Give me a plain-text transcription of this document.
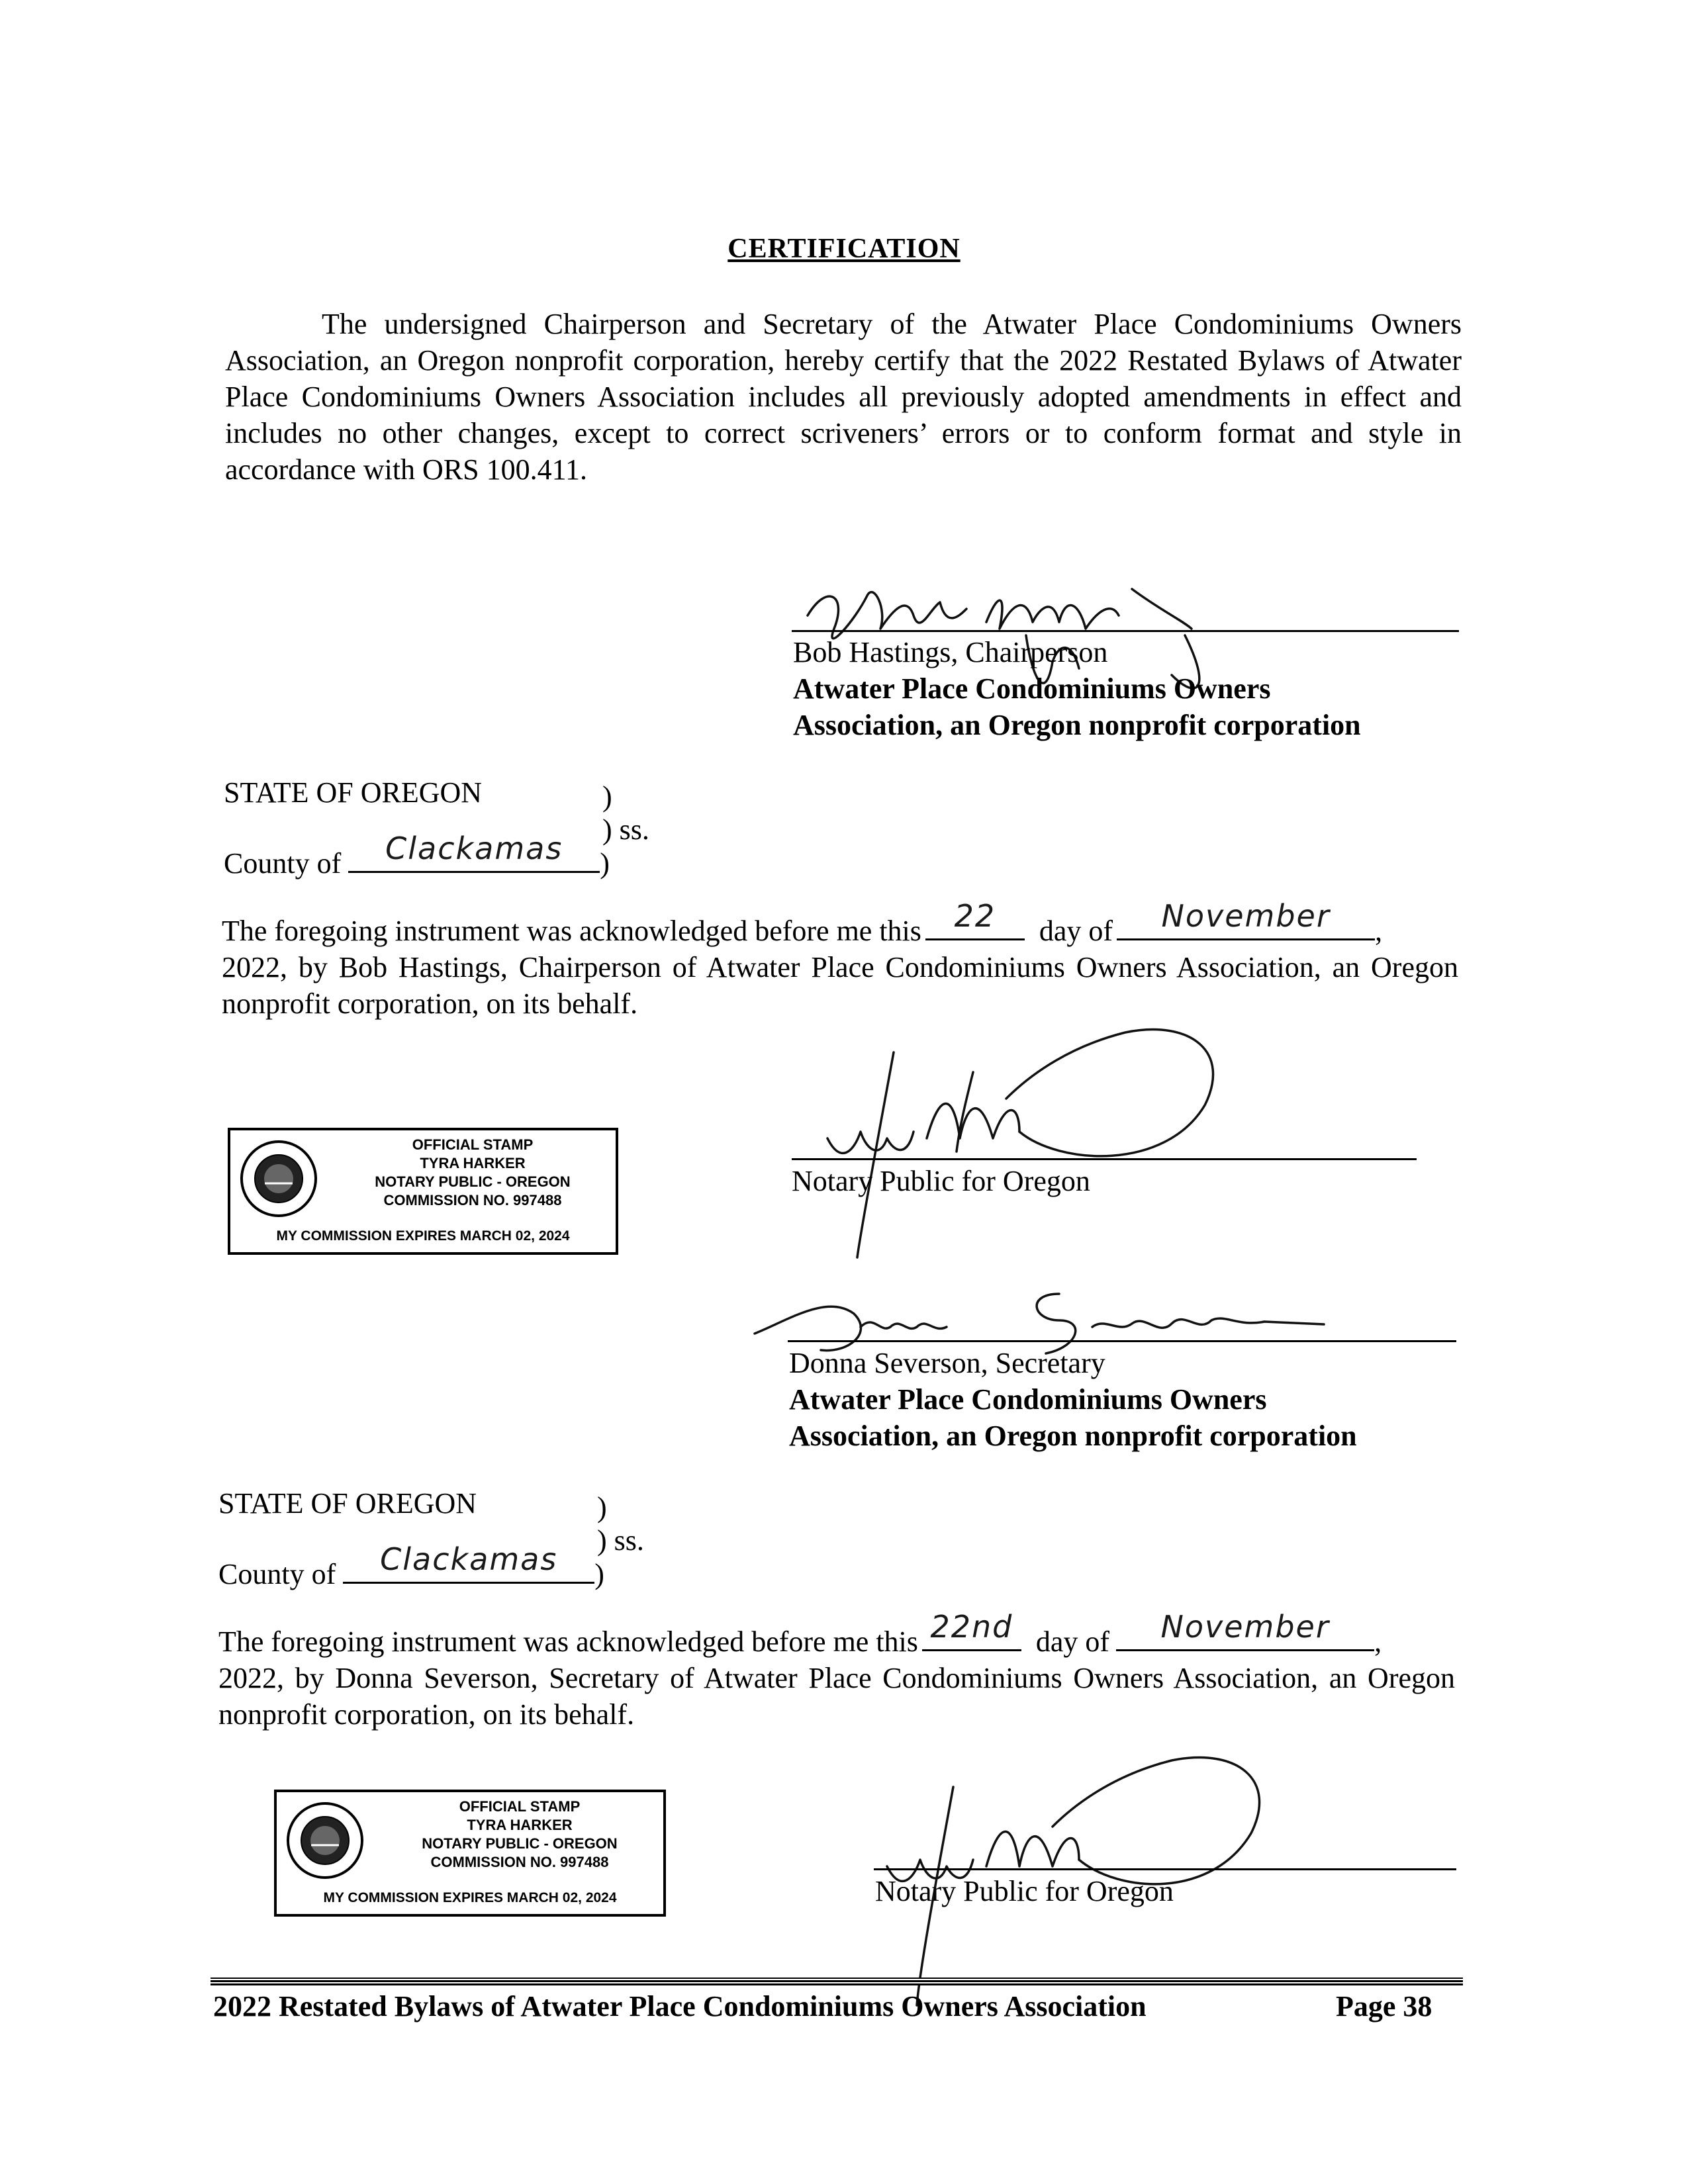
CERTIFICATION
The undersigned Chairperson and Secretary of the Atwater Place Condominiums Owners Association, an Oregon nonprofit corporation, hereby certify that the 2022 Restated Bylaws of Atwater Place Condominiums Owners Association includes all previously adopted amendments in effect and includes no other changes, except to correct scriveners’ errors or to conform format and style in accordance with ORS 100.411.
Bob Hastings, Chairperson
Atwater Place Condominiums Owners
Association, an Oregon nonprofit corporation
STATE OF OREGON	)
) ss.
County of	Clackamas	)
The foregoing instrument was acknowledged before me this	22	day of	November	,
2022, by Bob Hastings, Chairperson of Atwater Place Condominiums Owners Association, an Oregon nonprofit corporation, on its behalf.
OFFICIAL STAMP
TYRA HARKER
NOTARY PUBLIC - OREGON
COMMISSION NO. 997488
MY COMMISSION EXPIRES MARCH 02, 2024
Notary Public for Oregon
Donna Severson, Secretary
Atwater Place Condominiums Owners
Association, an Oregon nonprofit corporation
STATE OF OREGON	)
) ss.
County of	Clackamas	)
The foregoing instrument was acknowledged before me this 22nd day of	November	,
2022, by Donna Severson, Secretary of Atwater Place Condominiums Owners Association, an Oregon nonprofit corporation, on its behalf.
OFFICIAL STAMP
TYRA HARKER
NOTARY PUBLIC - OREGON
COMMISSION NO. 997488
MY COMMISSION EXPIRES MARCH 02, 2024	Notary Public for Oregon
2022 Restated Bylaws of Atwater Place Condominiums Owners Association	Page 38
